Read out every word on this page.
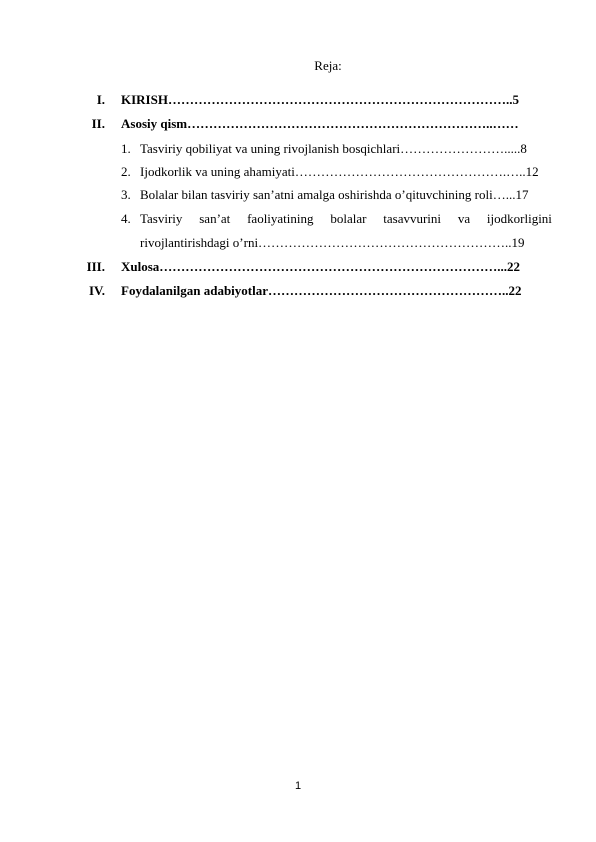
Reja:
I. KIRISH……………………………………………………………………..5
II. Asosiy qism……………………………………………………………..……
1. Tasviriy qobiliyat va uning rivojlanish bosqichlari…………………….....8
2. Ijodkorlik va uning ahamiyati………………………………………….…..12
3. Bolalar bilan tasviriy san’atni amalga oshirishda o’qituvchining roli…...17
4. Tasviriy san’at faoliyatining bolalar tasavvurini va ijodkorligini
rivojlantirishdagi o’rni…………………………………………………..19
III. Xulosa……………………………………………………………………...22
IV. Foydalanilgan adabiyotlar………………………………………………..22
1
